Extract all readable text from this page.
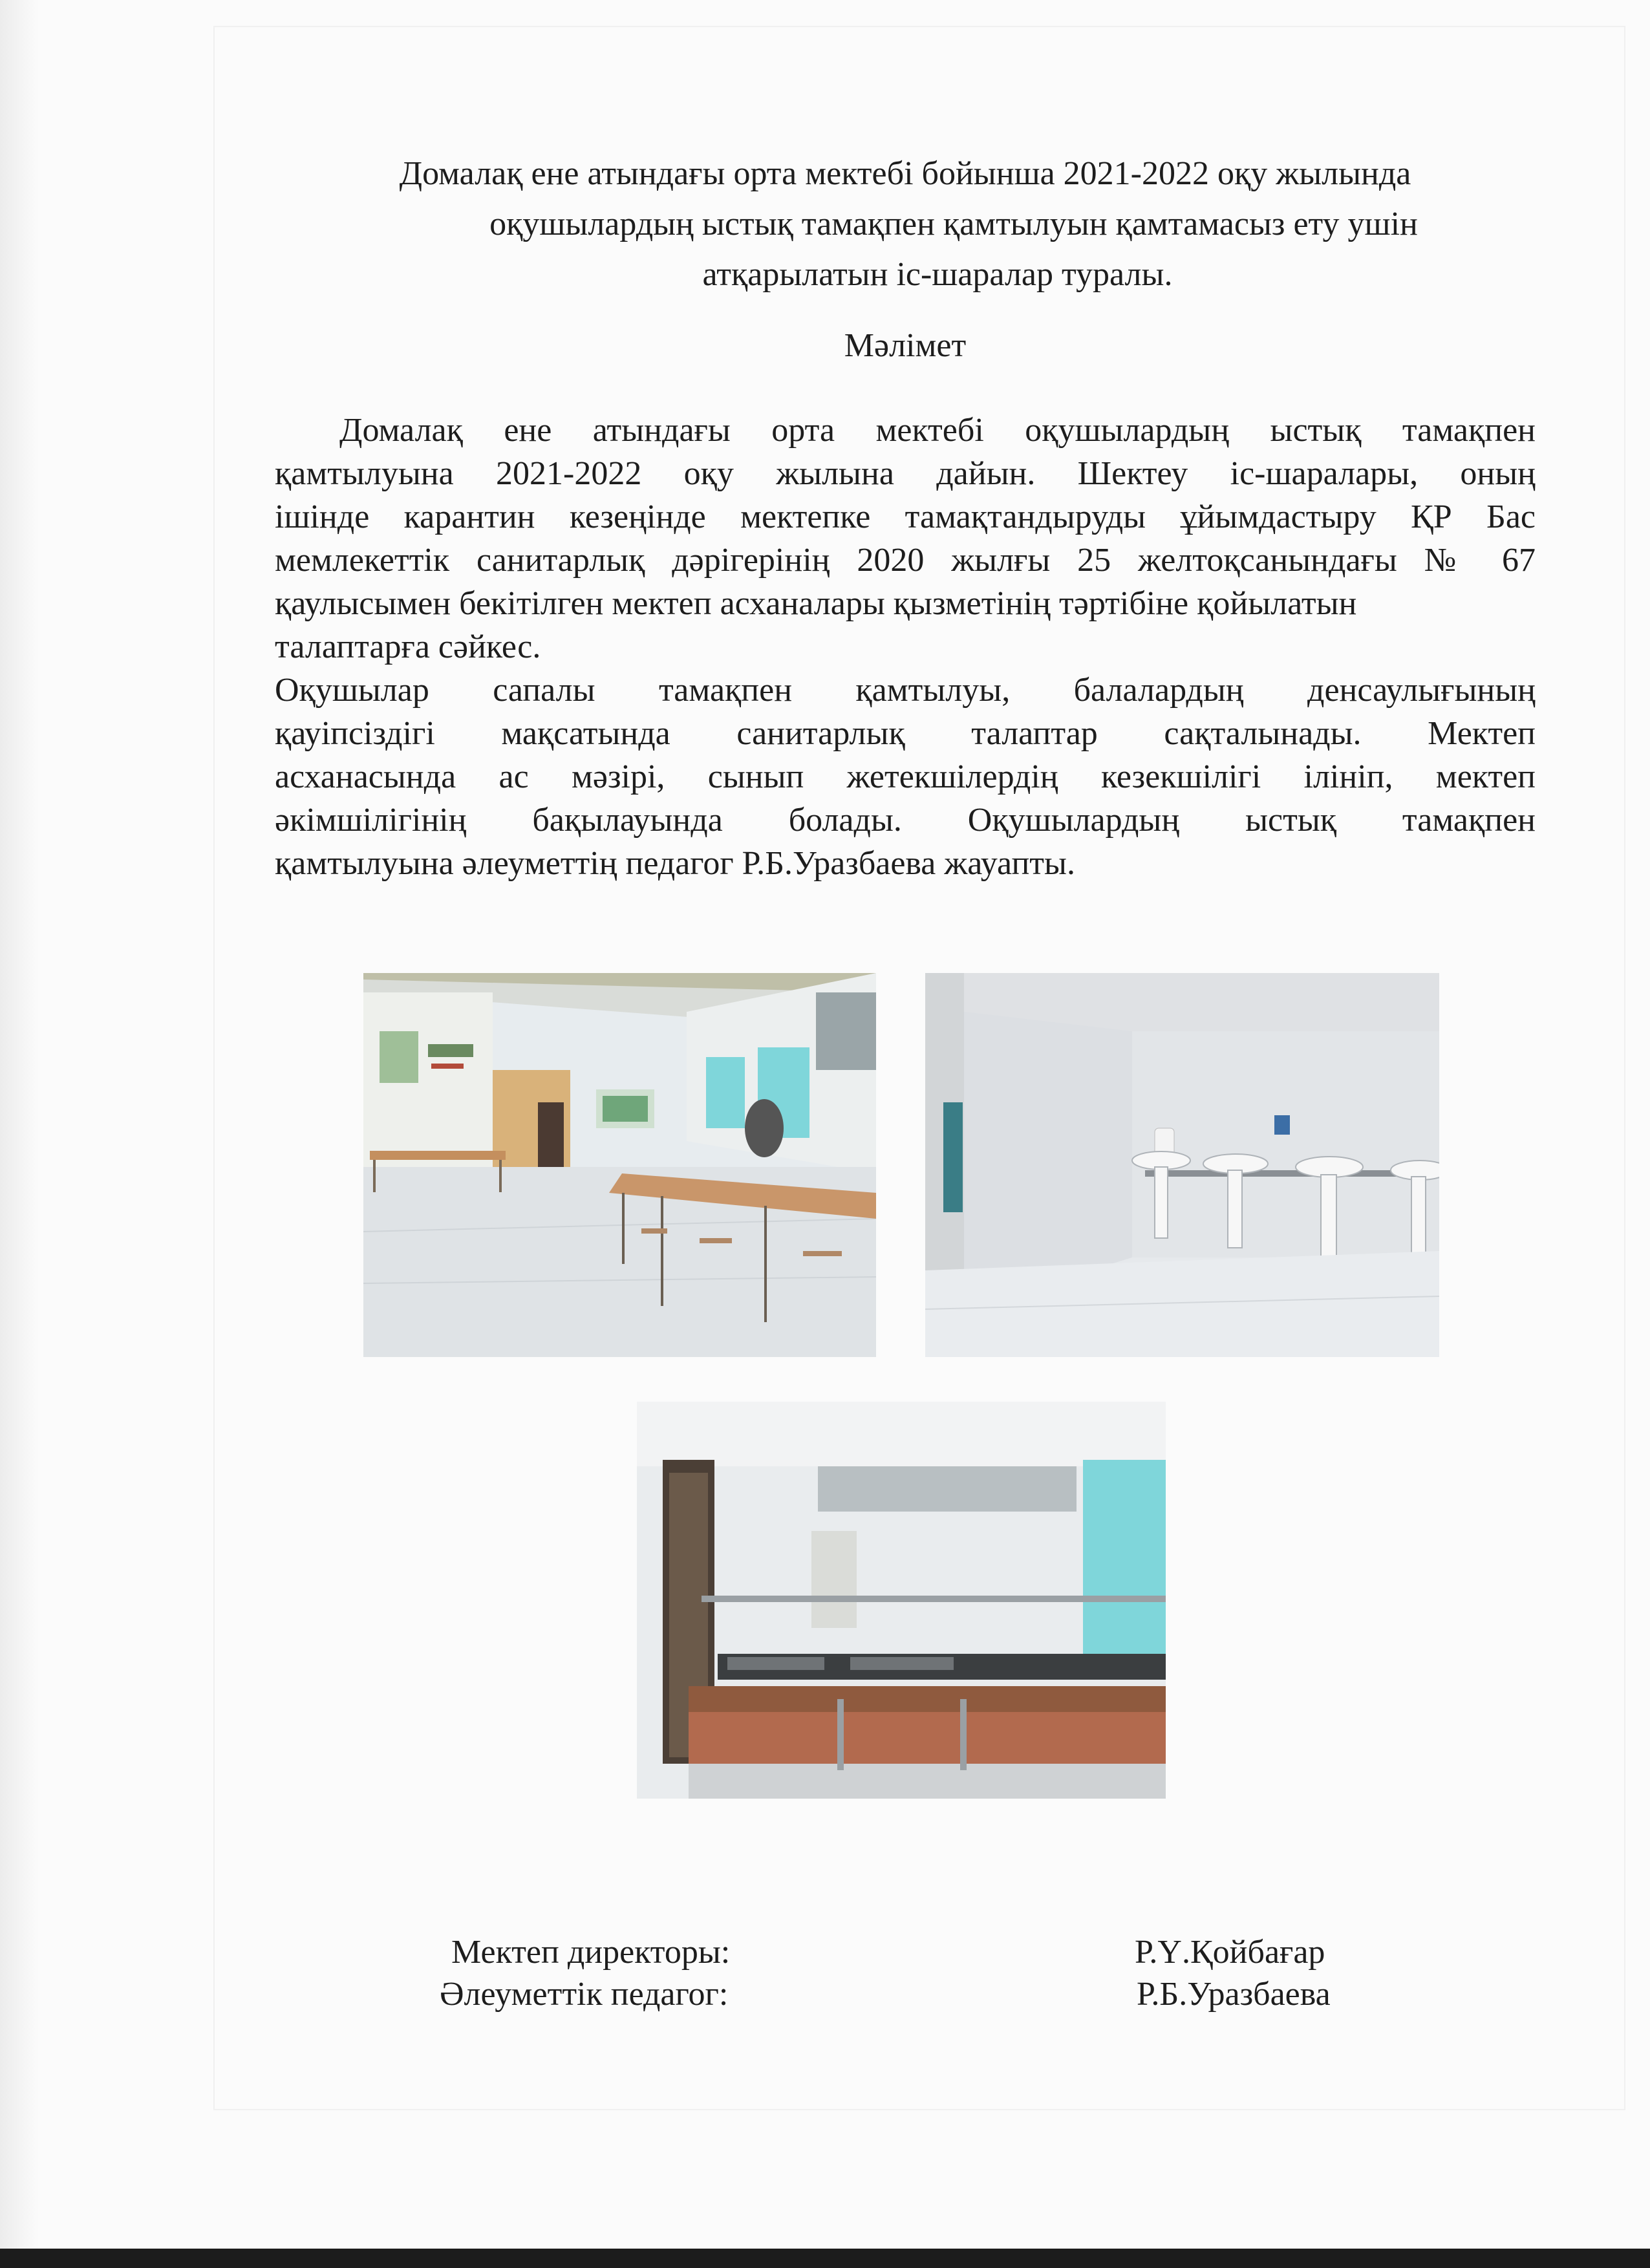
Домалақ ене атындағы орта мектебі бойынша 2021-2022 оқу жылында
оқушылардың ыстық тамақпен қамтылуын қамтамасыз ету ушін
атқарылатын іс-шаралар туралы.
Мәлімет

Домалақ ене атындағы орта мектебі оқушылардың ыстық тамақпен

қамтылуына 2021-2022 оқу жылына дайын. Шектеу іс-шаралары, оның
ішінде карантин кезеңінде мектепке тамақтандыруды ұйымдастыру ҚР Бас
мемлекеттік санитарлық дәрігерінің 2020 жылғы 25 желтоқсанындағы № 67
қаулысымен бекітілген мектеп асханалары қызметінің тәртібіне қойылатын
талаптарға сәйкес.

Оқушылар сапалы тамақпен қамтылуы, балалардың денсаулығының
қауіпсіздігі мақсатында санитарлық талаптар сақталынады. Мектеп
асханасында ас мәзірі, сынып жетекшілердің кезекшілігі ілініп, мектеп
әкімшілігінің бақылауында болады. Оқушылардың ыстық тамақпен
қамтылуына әлеуметтің педагог Р.Б.Уразбаева жауапты.

Мектеп директоры:	Р.Ү.Қойбағар
Әлеуметтік педагог:	Р.Б.Уразбаева
